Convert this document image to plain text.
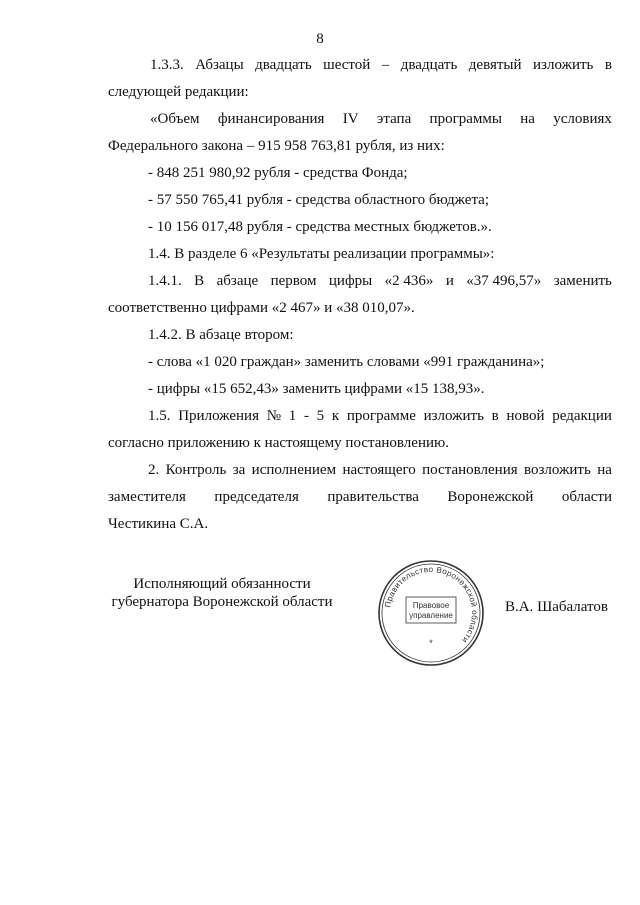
8
1.3.3. Абзацы двадцать шестой – двадцать девятый изложить в
следующей редакции:
«Объем финансирования IV этапа программы на условиях
Федерального закона – 915 958 763,81 рубля, из них:
- 848 251 980,92 рубля - средства Фонда;
- 57 550 765,41 рубля - средства областного бюджета;
- 10 156 017,48 рубля - средства местных бюджетов.».
1.4. В разделе 6 «Результаты реализации программы»:
1.4.1. В абзаце первом цифры «2 436» и «37 496,57» заменить
соответственно цифрами «2 467» и «38 010,07».
1.4.2. В абзаце втором:
- слова «1 020 граждан» заменить словами «991 гражданина»;
- цифры «15 652,43» заменить цифрами «15 138,93».
1.5. Приложения № 1 - 5 к программе изложить в новой редакции
согласно приложению к настоящему постановлению.
2. Контроль за исполнением настоящего постановления возложить на
заместителя председателя правительства Воронежской области
Честикина С.А.
Исполняющий обязанности
губернатора Воронежской области	Правительство Воронежской области
Правовое
управление
*
В.А. Шабалатов
